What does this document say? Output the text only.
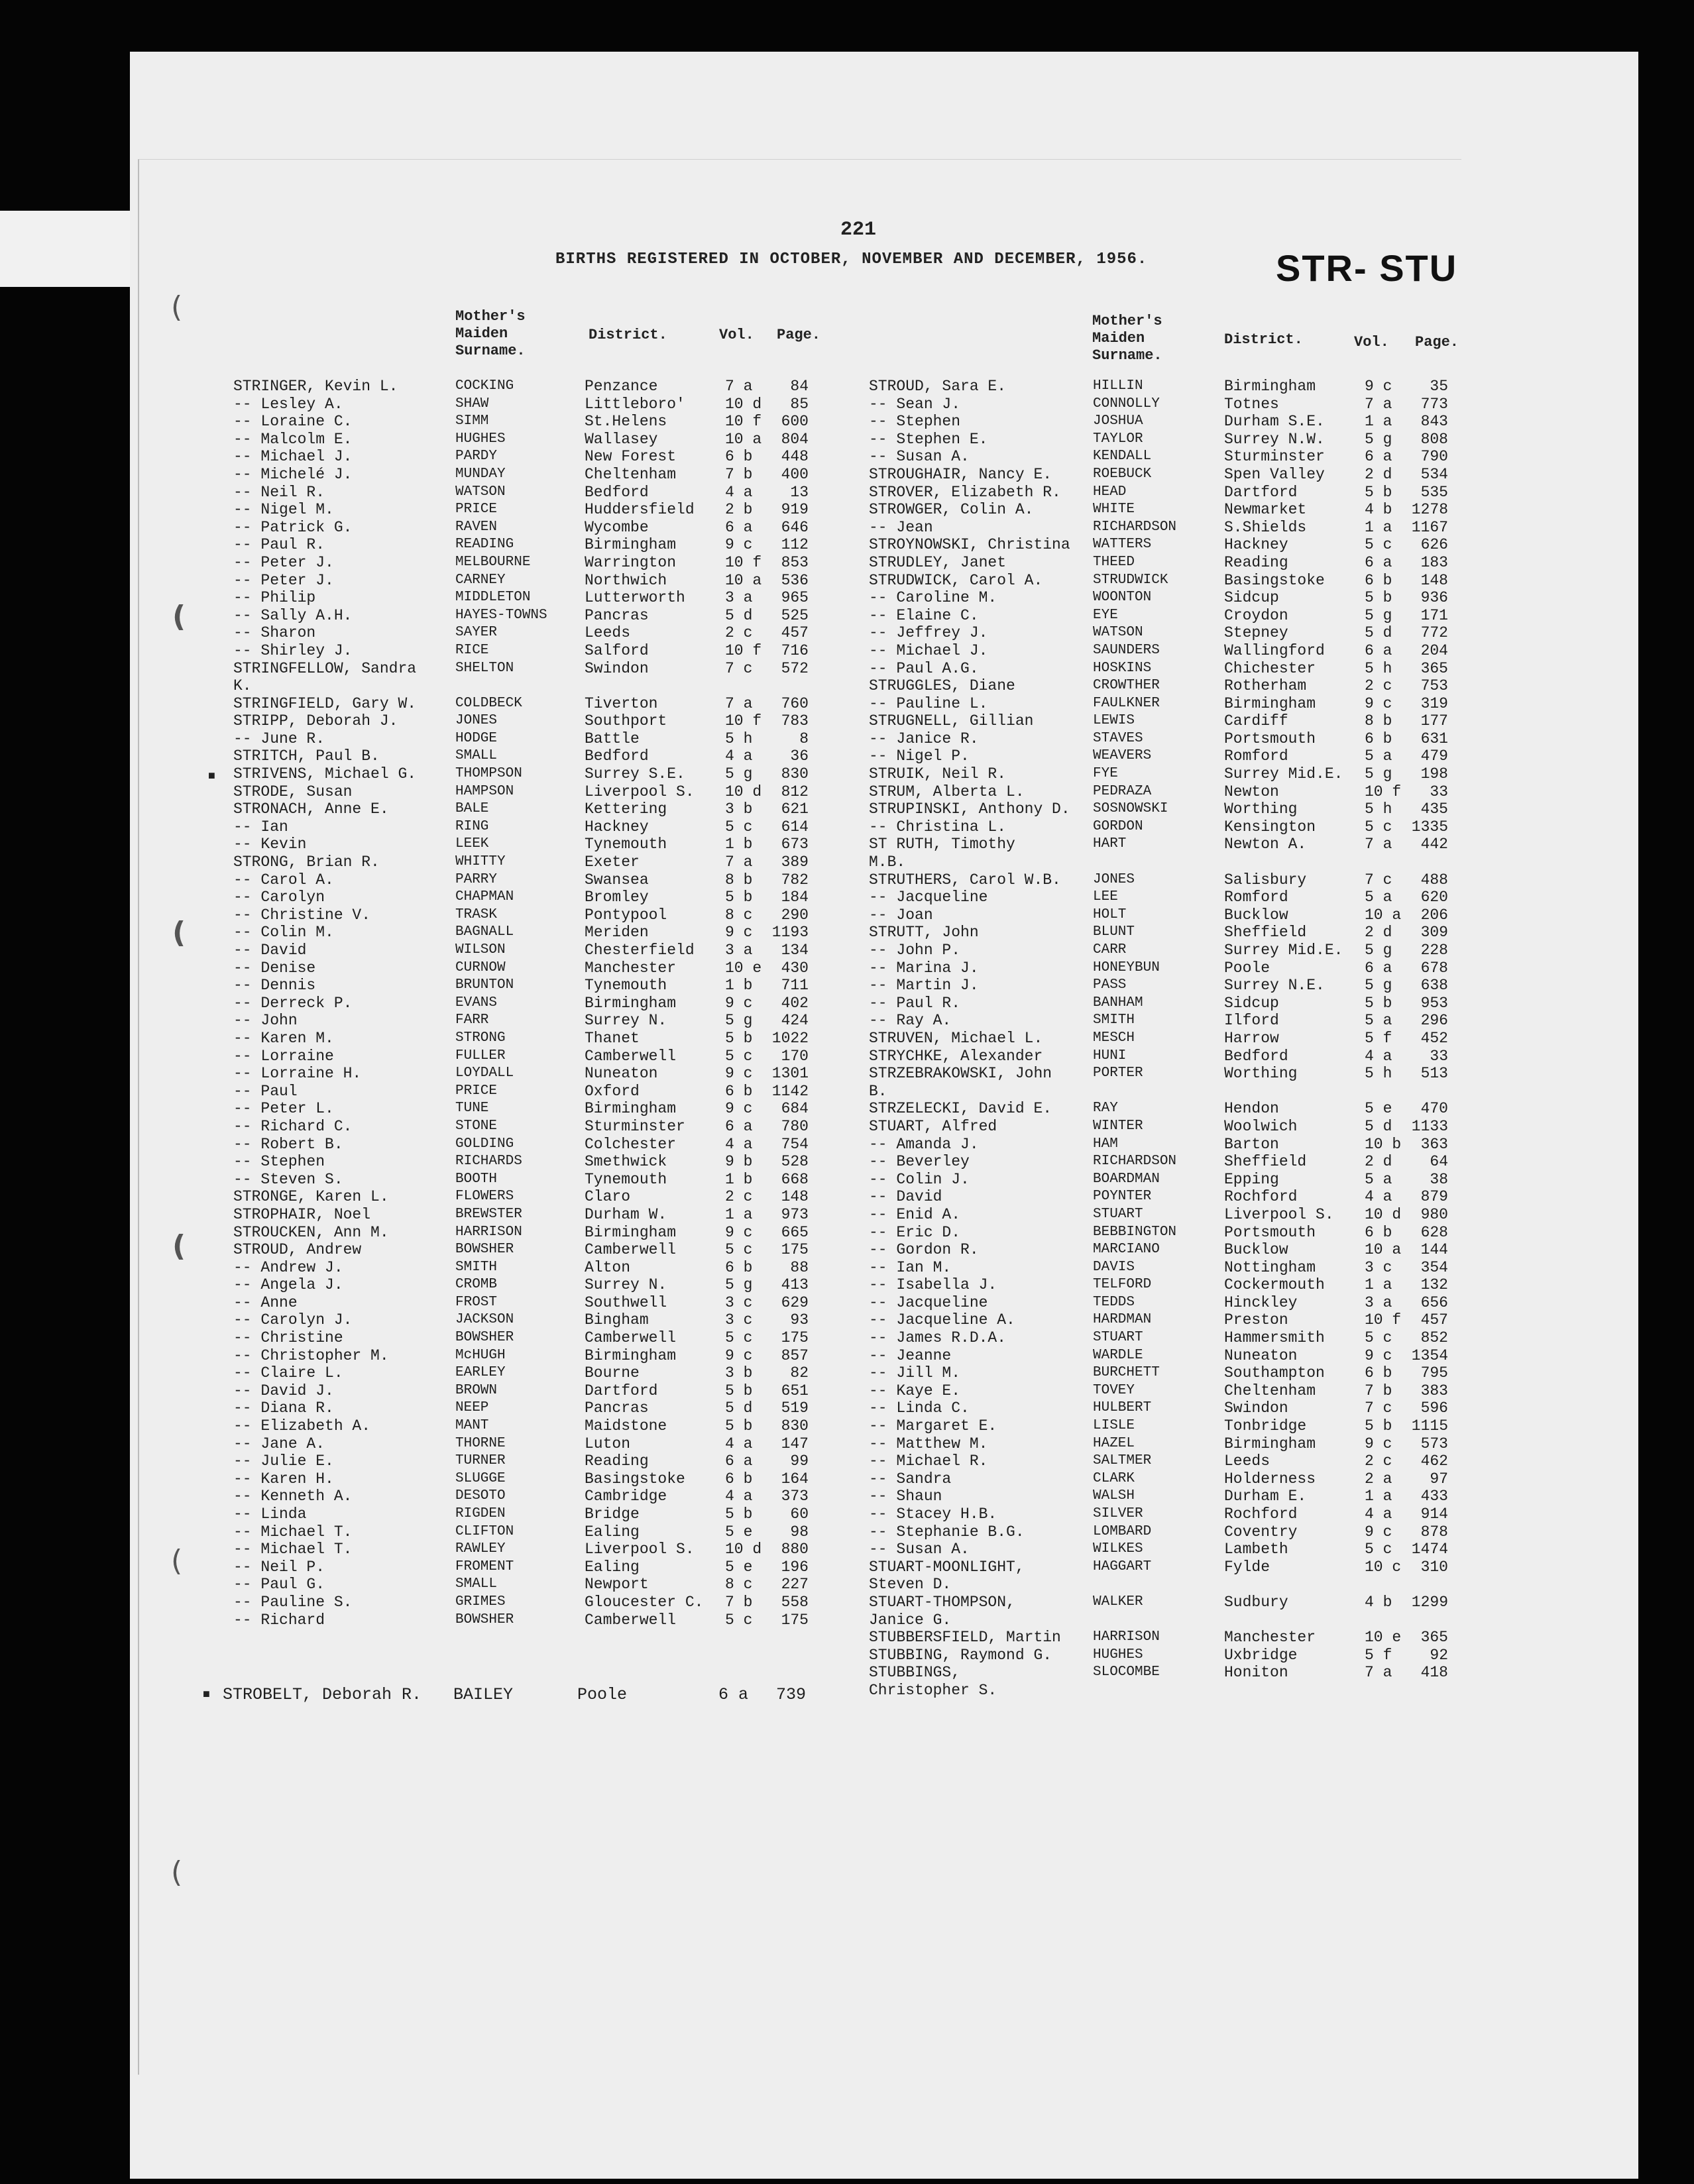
(
(
(
(
(
(
221
BIRTHS REGISTERED IN OCTOBER, NOVEMBER AND DECEMBER, 1956.	STR- STU
Mother's
Maiden
Surname.
District.	Vol. Page.
Mother's
Maiden
Surname.
District.	Vol. Page.
■
■
STRINGER, Kevin L.	COCKING	Penzance	7 a	84
-- Lesley A.	SHAW	Littleboro'	10 d	85
-- Loraine C.	SIMM	St.Helens	10 f	600
-- Malcolm E.	HUGHES	Wallasey	10 a	804
-- Michael J.	PARDY	New Forest	6 b	448
-- Michelé J.	MUNDAY	Cheltenham	7 b	400
-- Neil R.	WATSON	Bedford	4 a	13
-- Nigel M.	PRICE	Huddersfield 2 b	919
-- Patrick G.	RAVEN	Wycombe	6 a	646
-- Paul R.	READING	Birmingham	9 c	112
-- Peter J.	MELBOURNE	Warrington	10 f	853
-- Peter J.	CARNEY	Northwich	10 a	536
-- Philip	MIDDLETON	Lutterworth	3 a	965
-- Sally A.H.	HAYES-TOWNS Pancras	5 d	525
-- Sharon	SAYER	Leeds	2 c	457
-- Shirley J.	RICE	Salford	10 f	716
STRINGFELLOW, Sandra	SHELTON	Swindon	7 c	572
K.
STRINGFIELD, Gary W.	COLDBECK	Tiverton	7 a	760
STRIPP, Deborah J.	JONES	Southport	10 f	783
-- June R.	HODGE	Battle	5 h	8
STRITCH, Paul B.	SMALL	Bedford	4 a	36
STRIVENS, Michael G.	THOMPSON	Surrey S.E.	5 g	830
STRODE, Susan	HAMPSON	Liverpool S. 10 d	812
STRONACH, Anne E.	BALE	Kettering	3 b	621
-- Ian	RING	Hackney	5 c	614
-- Kevin	LEEK	Tynemouth	1 b	673
STRONG, Brian R.	WHITTY	Exeter	7 a	389
-- Carol A.	PARRY	Swansea	8 b	782
-- Carolyn	CHAPMAN	Bromley	5 b	184
-- Christine V.	TRASK	Pontypool	8 c	290
-- Colin M.	BAGNALL	Meriden	9 c	1193
-- David	WILSON	Chesterfield 3 a	134
-- Denise	CURNOW	Manchester	10 e	430
-- Dennis	BRUNTON	Tynemouth	1 b	711
-- Derreck P.	EVANS	Birmingham	9 c	402
-- John	FARR	Surrey N.	5 g	424
-- Karen M.	STRONG	Thanet	5 b	1022
-- Lorraine	FULLER	Camberwell	5 c	170
-- Lorraine H.	LOYDALL	Nuneaton	9 c	1301
-- Paul	PRICE	Oxford	6 b	1142
-- Peter L.	TUNE	Birmingham	9 c	684
-- Richard C.	STONE	Sturminster	6 a	780
-- Robert B.	GOLDING	Colchester	4 a	754
-- Stephen	RICHARDS	Smethwick	9 b	528
-- Steven S.	BOOTH	Tynemouth	1 b	668
STRONGE, Karen L.	FLOWERS	Claro	2 c	148
STROPHAIR, Noel	BREWSTER	Durham W.	1 a	973
STROUCKEN, Ann M.	HARRISON	Birmingham	9 c	665
STROUD, Andrew	BOWSHER	Camberwell	5 c	175
-- Andrew J.	SMITH	Alton	6 b	88
-- Angela J.	CROMB	Surrey N.	5 g	413
-- Anne	FROST	Southwell	3 c	629
-- Carolyn J.	JACKSON	Bingham	3 c	93
-- Christine	BOWSHER	Camberwell	5 c	175
-- Christopher M.	McHUGH	Birmingham	9 c	857
-- Claire L.	EARLEY	Bourne	3 b	82
-- David J.	BROWN	Dartford	5 b	651
-- Diana R.	NEEP	Pancras	5 d	519
-- Elizabeth A.	MANT	Maidstone	5 b	830
-- Jane A.	THORNE	Luton	4 a	147
-- Julie E.	TURNER	Reading	6 a	99
-- Karen H.	SLUGGE	Basingstoke	6 b	164
-- Kenneth A.	DESOTO	Cambridge	4 a	373
-- Linda	RIGDEN	Bridge	5 b	60
-- Michael T.	CLIFTON	Ealing	5 e	98
-- Michael T.	RAWLEY	Liverpool S. 10 d	880
-- Neil P.	FROMENT	Ealing	5 e	196
-- Paul G.	SMALL	Newport	8 c	227
-- Pauline S.	GRIMES	Gloucester C. 7 b	558
-- Richard	BOWSHER	Camberwell	5 c	175
STROUD, Sara E.	HILLIN	Birmingham	9 c	35
-- Sean J.	CONNOLLY	Totnes	7 a	773
-- Stephen	JOSHUA	Durham S.E.	1 a	843
-- Stephen E.	TAYLOR	Surrey N.W.	5 g	808
-- Susan A.	KENDALL	Sturminster	6 a	790
STROUGHAIR, Nancy E.	ROEBUCK	Spen Valley	2 d	534
STROVER, Elizabeth R. HEAD	Dartford	5 b	535
STROWGER, Colin A.	WHITE	Newmarket	4 b	1278
-- Jean	RICHARDSON	S.Shields	1 a	1167
STROYNOWSKI, Christina WATTERS	Hackney	5 c	626
STRUDLEY, Janet	THEED	Reading	6 a	183
STRUDWICK, Carol A.	STRUDWICK	Basingstoke	6 b	148
-- Caroline M.	WOONTON	Sidcup	5 b	936
-- Elaine C.	EYE	Croydon	5 g	171
-- Jeffrey J.	WATSON	Stepney	5 d	772
-- Michael J.	SAUNDERS	Wallingford	6 a	204
-- Paul A.G.	HOSKINS	Chichester	5 h	365
STRUGGLES, Diane	CROWTHER	Rotherham	2 c	753
-- Pauline L.	FAULKNER	Birmingham	9 c	319
STRUGNELL, Gillian	LEWIS	Cardiff	8 b	177
-- Janice R.	STAVES	Portsmouth	6 b	631
-- Nigel P.	WEAVERS	Romford	5 a	479
STRUIK, Neil R.	FYE	Surrey Mid.E. 5 g	198
STRUM, Alberta L.	PEDRAZA	Newton	10 f	33
STRUPINSKI, Anthony D. SOSNOWSKI	Worthing	5 h	435
-- Christina L.	GORDON	Kensington	5 c	1335
ST RUTH, Timothy	HART	Newton A.	7 a	442
M.B.
STRUTHERS, Carol W.B. JONES	Salisbury	7 c	488
-- Jacqueline	LEE	Romford	5 a	620
-- Joan	HOLT	Bucklow	10 a	206
STRUTT, John	BLUNT	Sheffield	2 d	309
-- John P.	CARR	Surrey Mid.E. 5 g	228
-- Marina J.	HONEYBUN	Poole	6 a	678
-- Martin J.	PASS	Surrey N.E.	5 g	638
-- Paul R.	BANHAM	Sidcup	5 b	953
-- Ray A.	SMITH	Ilford	5 a	296
STRUVEN, Michael L.	MESCH	Harrow	5 f	452
STRYCHKE, Alexander	HUNI	Bedford	4 a	33
STRZEBRAKOWSKI, John	PORTER	Worthing	5 h	513
B.
STRZELECKI, David E.	RAY	Hendon	5 e	470
STUART, Alfred	WINTER	Woolwich	5 d	1133
-- Amanda J.	HAM	Barton	10 b	363
-- Beverley	RICHARDSON	Sheffield	2 d	64
-- Colin J.	BOARDMAN	Epping	5 a	38
-- David	POYNTER	Rochford	4 a	879
-- Enid A.	STUART	Liverpool S. 10 d	980
-- Eric D.	BEBBINGTON	Portsmouth	6 b	628
-- Gordon R.	MARCIANO	Bucklow	10 a	144
-- Ian M.	DAVIS	Nottingham	3 c	354
-- Isabella J.	TELFORD	Cockermouth	1 a	132
-- Jacqueline	TEDDS	Hinckley	3 a	656
-- Jacqueline A.	HARDMAN	Preston	10 f	457
-- James R.D.A.	STUART	Hammersmith	5 c	852
-- Jeanne	WARDLE	Nuneaton	9 c	1354
-- Jill M.	BURCHETT	Southampton	6 b	795
-- Kaye E.	TOVEY	Cheltenham	7 b	383
-- Linda C.	HULBERT	Swindon	7 c	596
-- Margaret E.	LISLE	Tonbridge	5 b	1115
-- Matthew M.	HAZEL	Birmingham	9 c	573
-- Michael R.	SALTMER	Leeds	2 c	462
-- Sandra	CLARK	Holderness	2 a	97
-- Shaun	WALSH	Durham E.	1 a	433
-- Stacey H.B.	SILVER	Rochford	4 a	914
-- Stephanie B.G.	LOMBARD	Coventry	9 c	878
-- Susan A.	WILKES	Lambeth	5 c	1474
STUART-MOONLIGHT,	HAGGART	Fylde	10 c	310
Steven D.
STUART-THOMPSON,	WALKER	Sudbury	4 b	1299
Janice G.
STUBBERSFIELD, Martin HARRISON	Manchester	10 e	365
STUBBING, Raymond G.	HUGHES	Uxbridge	5 f	92
STUBBINGS,	SLOCOMBE	Honiton	7 a	418
Christopher S.
STROBELT, Deborah R. BAILEY	Poole	6 a	739
